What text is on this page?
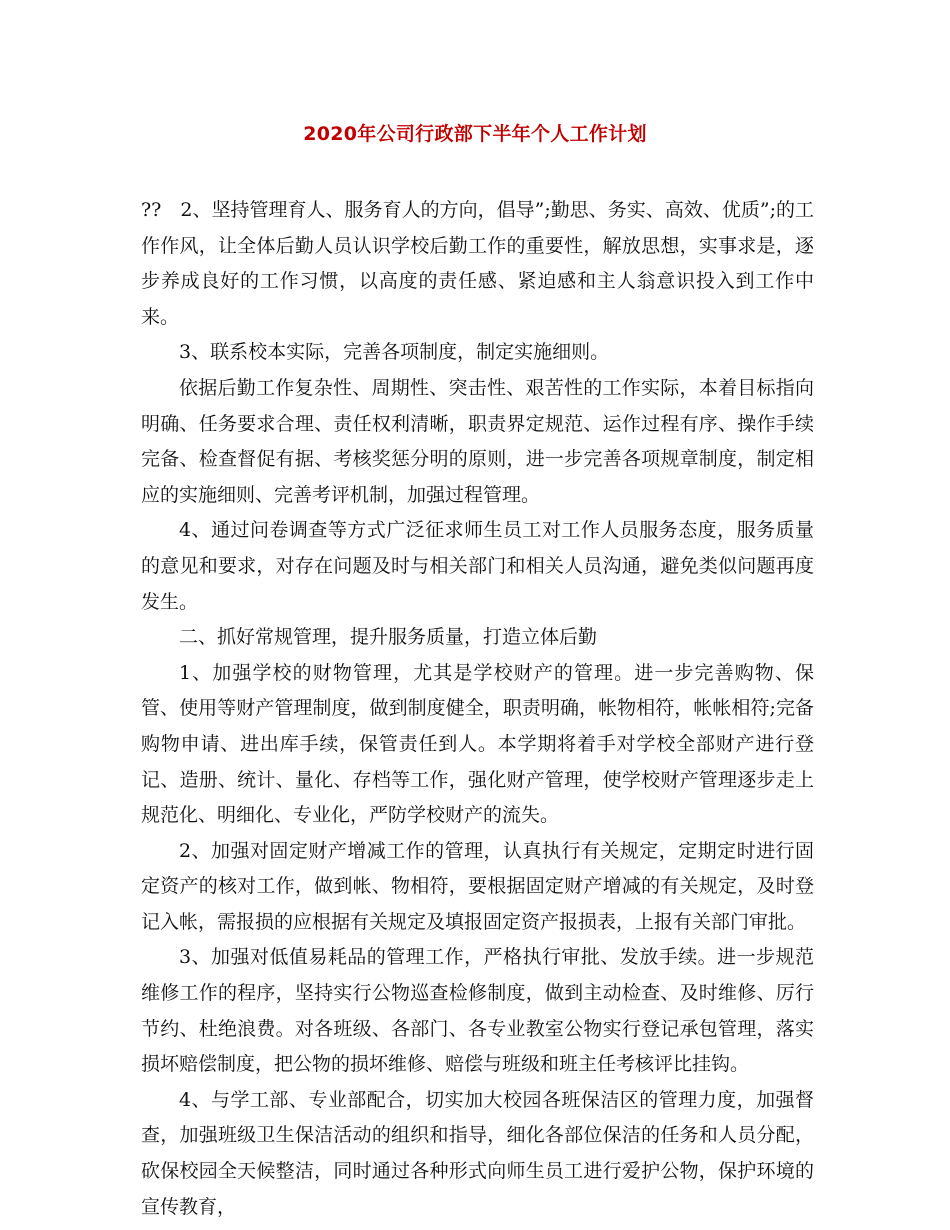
2020年公司行政部下半年个人工作计划

??　2、坚持管理育人、服务育人的方向，倡导”;勤思、务实、高效、优质”;的工作作风，让全体后勤人员认识学校后勤工作的重要性，解放思想，实事求是，逐步养成良好的工作习惯，以高度的责任感、紧迫感和主人翁意识投入到工作中来。

3、联系校本实际，完善各项制度，制定实施细则。

依据后勤工作复杂性、周期性、突击性、艰苦性的工作实际，本着目标指向明确、任务要求合理、责任权利清晰，职责界定规范、运作过程有序、操作手续完备、检查督促有据、考核奖惩分明的原则，进一步完善各项规章制度，制定相应的实施细则、完善考评机制，加强过程管理。

4、通过问卷调查等方式广泛征求师生员工对工作人员服务态度，服务质量的意见和要求，对存在问题及时与相关部门和相关人员沟通，避免类似问题再度发生。

二、抓好常规管理，提升服务质量，打造立体后勤

1、加强学校的财物管理，尤其是学校财产的管理。进一步完善购物、保管、使用等财产管理制度，做到制度健全，职责明确，帐物相符，帐帐相符;完备购物申请、进出库手续，保管责任到人。本学期将着手对学校全部财产进行登记、造册、统计、量化、存档等工作，强化财产管理，使学校财产管理逐步走上规范化、明细化、专业化，严防学校财产的流失。

2、加强对固定财产增减工作的管理，认真执行有关规定，定期定时进行固定资产的核对工作，做到帐、物相符，要根据固定财产增减的有关规定，及时登记入帐，需报损的应根据有关规定及填报固定资产报损表，上报有关部门审批。

3、加强对低值易耗品的管理工作，严格执行审批、发放手续。进一步规范维修工作的程序，坚持实行公物巡查检修制度，做到主动检查、及时维修、厉行节约、杜绝浪费。对各班级、各部门、各专业教室公物实行登记承包管理，落实损坏赔偿制度，把公物的损坏维修、赔偿与班级和班主任考核评比挂钩。

4、与学工部、专业部配合，切实加大校园各班保洁区的管理力度，加强督查，加强班级卫生保洁活动的组织和指导，细化各部位保洁的任务和人员分配，砍保校园全天候整洁，同时通过各种形式向师生员工进行爱护公物，保护环境的宣传教育，
